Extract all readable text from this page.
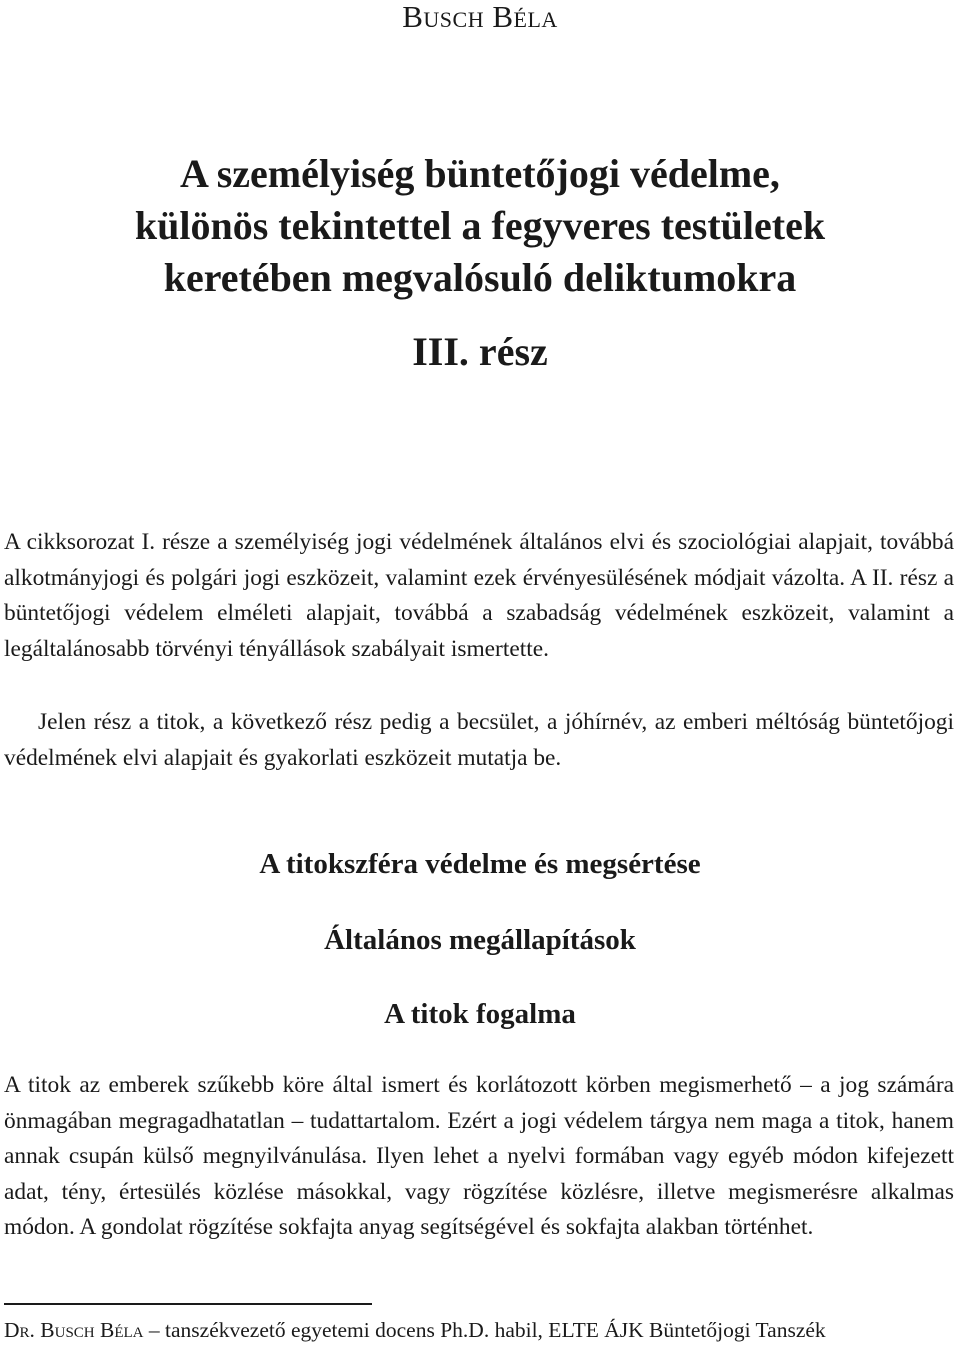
Busch Béla
A személyiség büntetőjogi védelme,
különös tekintettel a fegyveres testületek
keretében megvalósuló deliktumokra
III. rész

A cikksorozat I. része a személyiség jogi védelmének általános elvi és szociológiai alapjait, továbbá alkotmányjogi és polgári jogi eszközeit, valamint ezek érvényesülésének módjait vázolta. A II. rész a büntetőjogi védelem elméleti alapjait, továbbá a szabadság védelmének eszközeit, valamint a legáltalánosabb törvényi tényállások szabályait ismertette.

Jelen rész a titok, a következő rész pedig a becsület, a jóhírnév, az emberi méltóság büntetőjogi védelmének elvi alapjait és gyakorlati eszközeit mutatja be.

A titokszféra védelme és megsértése
Általános megállapítások
A titok fogalma

A titok az emberek szűkebb köre által ismert és korlátozott körben megismerhető – a jog számára önmagában megragadhatatlan – tudattartalom. Ezért a jogi védelem tárgya nem maga a titok, hanem annak csupán külső megnyilvánulása. Ilyen lehet a nyelvi formában vagy egyéb módon kifejezett adat, tény, értesülés közlése másokkal, vagy rögzítése közlésre, illetve megismerésre alkalmas módon. A gondolat rögzítése sokfajta anyag segítségével és sokfajta alakban történhet.

Dr. Busch Béla – tanszékvezető egyetemi docens Ph.D. habil, ELTE ÁJK Büntetőjogi Tanszék
